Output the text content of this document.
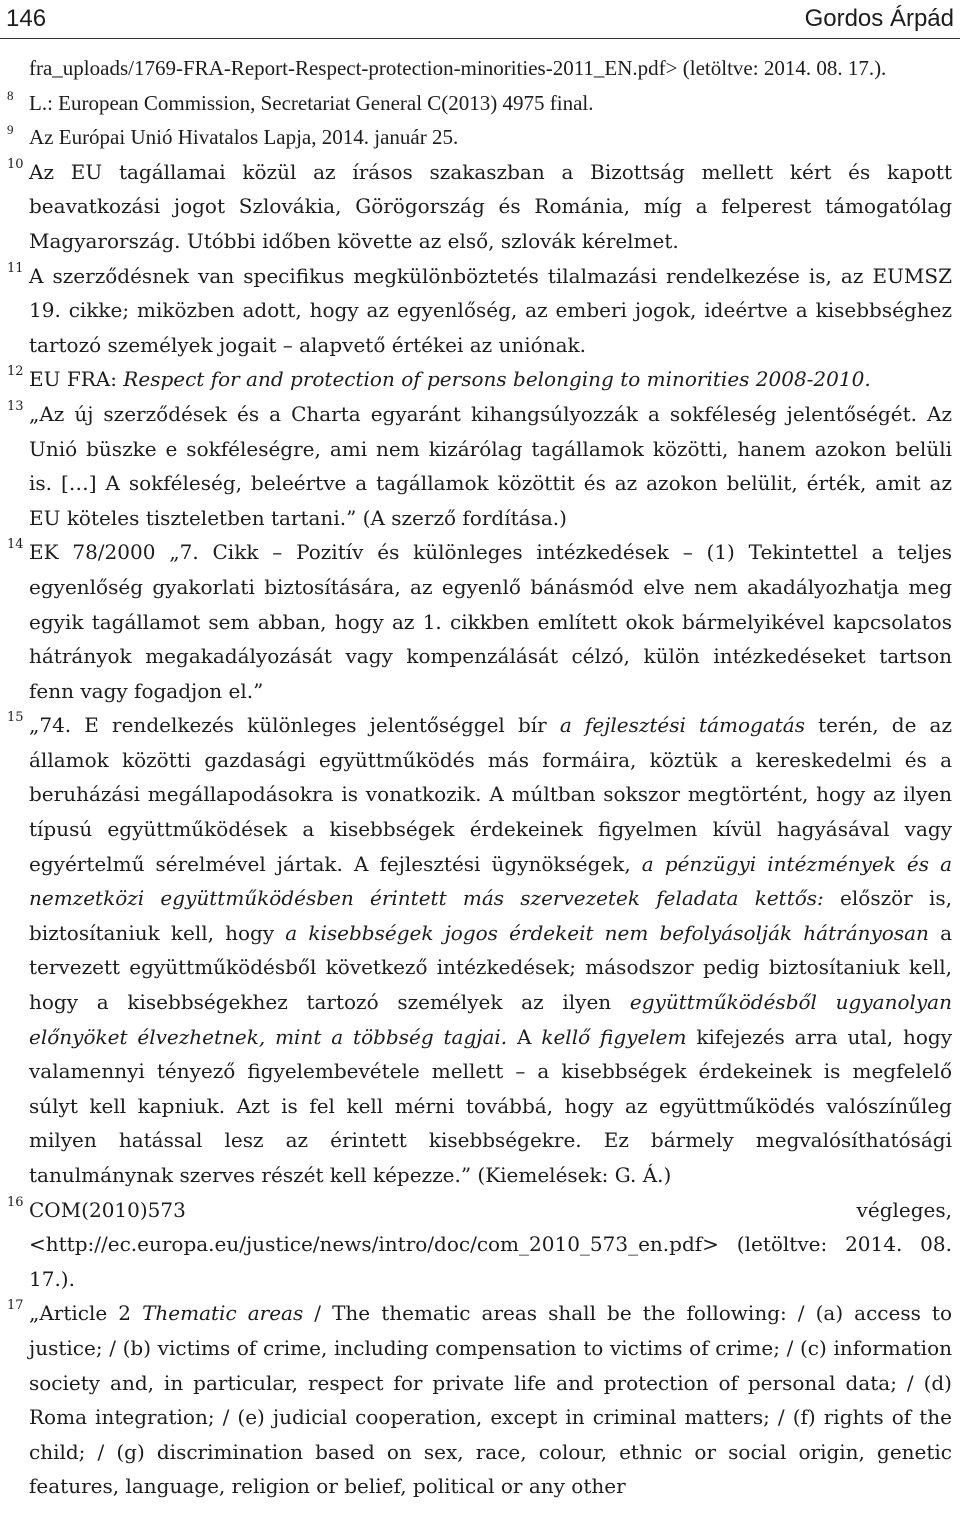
146	Gordos Árpád
fra_uploads/1769-FRA-Report-Respect-protection-minorities-2011_EN.pdf> (letöltve: 2014. 08. 17.).
8 L.: European Commission, Secretariat General C(2013) 4975 final.
9 Az Európai Unió Hivatalos Lapja, 2014. január 25.
10 Az EU tagállamai közül az írásos szakaszban a Bizottság mellett kért és kapott beavatkozási jogot Szlovákia, Görögország és Románia, míg a felperest támogatólag Magyarország. Utóbbi időben követte az első, szlovák kérelmet.
11 A szerződésnek van specifikus megkülönböztetés tilalmazási rendelkezése is, az EUMSZ 19. cikke; miközben adott, hogy az egyenlőség, az emberi jogok, ideértve a kisebbséghez tartozó személyek jogait – alapvető értékei az uniónak.
12 EU FRA: Respect for and protection of persons belonging to minorities 2008-2010.
13 „Az új szerződések és a Charta egyaránt kihangsúlyozzák a sokféleség jelentőségét. Az Unió büszke e sokféleségre, ami nem kizárólag tagállamok közötti, hanem azokon belüli is. […] A sokféleség, beleértve a tagállamok közöttit és az azokon belülit, érték, amit az EU köteles tiszteletben tartani.” (A szerző fordítása.)
14 EK 78/2000 „7. Cikk – Pozitív és különleges intézkedések – (1) Tekintettel a teljes egyenlőség gyakorlati biztosítására, az egyenlő bánásmód elve nem akadályozhatja meg egyik tagállamot sem abban, hogy az 1. cikkben említett okok bármelyikével kapcsolatos hátrányok megakadályozását vagy kompenzálását célzó, külön intézkedéseket tartson fenn vagy fogadjon el.”
15 „74. E rendelkezés különleges jelentőséggel bír a fejlesztési támogatás terén, de az államok közötti gazdasági együttműködés más formáira, köztük a kereskedelmi és a beruházási megállapodásokra is vonatkozik. A múltban sokszor megtörtént, hogy az ilyen típusú együttműködések a kisebbségek érdekeinek figyelmen kívül hagyásával vagy egyértelmű sérelmével jártak. A fejlesztési ügynökségek, a pénzügyi intézmények és a nemzetközi együttműködésben érintett más szervezetek feladata kettős: először is, biztosítaniuk kell, hogy a kisebbségek jogos érdekeit nem befolyásolják hátrányosan a tervezett együttműködésből következő intézkedések; másodszor pedig biztosítaniuk kell, hogy a kisebbségekhez tartozó személyek az ilyen együttműködésből ugyanolyan előnyöket élvezhetnek, mint a többség tagjai. A kellő figyelem kifejezés arra utal, hogy valamennyi tényező figyelembevétele mellett – a kisebbségek érdekeinek is megfelelő súlyt kell kapniuk. Azt is fel kell mérni továbbá, hogy az együttműködés valószínűleg milyen hatással lesz az érintett kisebbségekre. Ez bármely megvalósíthatósági tanulmánynak szerves részét kell képezze.” (Kiemelések: G. Á.)
16 COM(2010)573 végleges, <http://ec.europa.eu/justice/news/intro/doc/com_2010_573_en.pdf> (letöltve: 2014. 08. 17.).
17 „Article 2 Thematic areas / The thematic areas shall be the following: / (a) access to justice; / (b) victims of crime, including compensation to victims of crime; / (c) information society and, in particular, respect for private life and protection of personal data; / (d) Roma integration; / (e) judicial cooperation, except in criminal matters; / (f) rights of the child; / (g) discrimination based on sex, race, colour, ethnic or social origin, genetic features, language, religion or belief, political or any other
